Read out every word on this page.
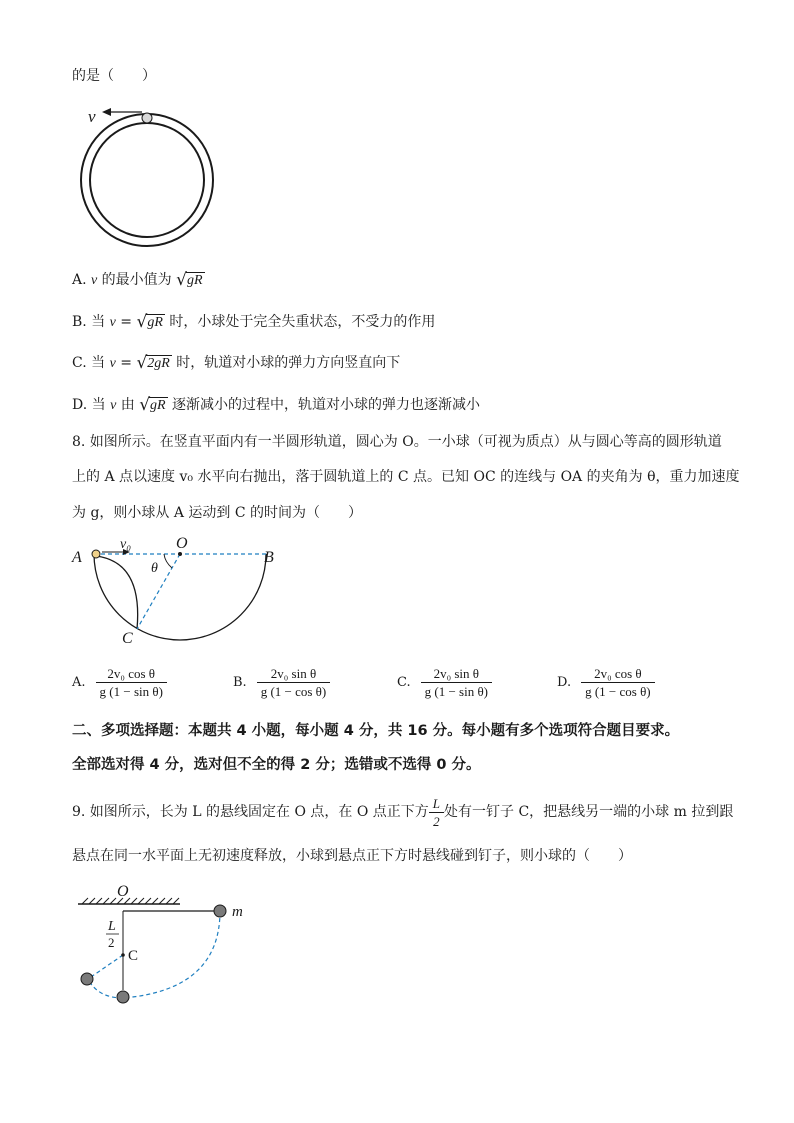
的是（　　）
v
A. v 的最小值为 √gR
B. 当 v = √gR 时，小球处于完全失重状态，不受力的作用
C. 当 v = √2gR 时，轨道对小球的弹力方向竖直向下
D. 当 v 由 √gR 逐渐减小的过程中，轨道对小球的弹力也逐渐减小
8. 如图所示。在竖直平面内有一半圆形轨道，圆心为 O。一小球（可视为质点）从与圆心等高的圆形轨道
上的 A 点以速度 v₀ 水平向右抛出，落于圆轨道上的 C 点。已知 OC 的连线与 OA 的夹角为 θ，重力加速度
为 g，则小球从 A 运动到 C 的时间为（　　）
A
v₀	O
B
θ
C
A. $\frac{\text{2v₀ cos θ}}{\text{g (1 − sin θ)}}$	B. $\frac{\text{2v₀ sin θ}}{\text{g (1 − cos θ)}}$	C. $\frac{\text{2v₀ sin θ}}{\text{g (1 − sin θ)}}$	D. $\frac{\text{2v₀ cos θ}}{\text{g (1 − cos θ)}}$
二、多项选择题：本题共 4 小题，每小题 4 分，共 16 分。每小题有多个选项符合题目要求。
全部选对得 4 分，选对但不全的得 2 分；选错或不选得 0 分。
9. 如图所示，长为 L 的悬线固定在 O 点，在 O 点正下方 $\frac{L}{2}$ 处有一钉子 C，把悬线另一端的小球 m 拉到跟
悬点在同一水平面上无初速度释放，小球到悬点正下方时悬线碰到钉子，则小球的（　　）
O
m
C
L
2
